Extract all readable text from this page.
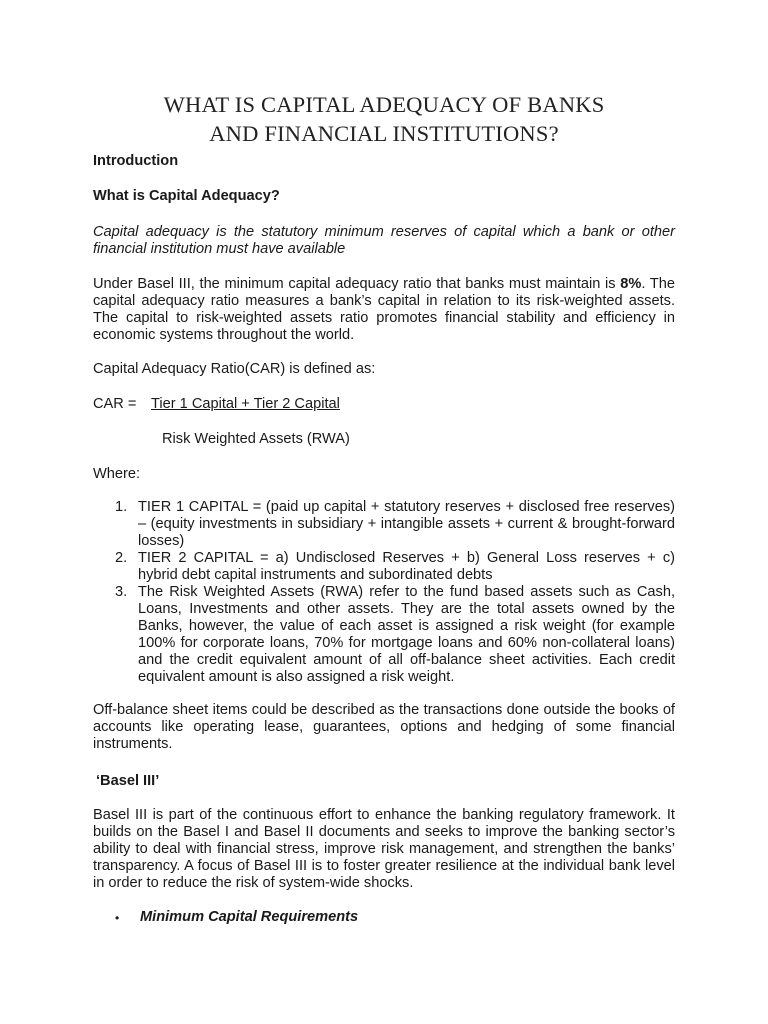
WHAT IS CAPITAL ADEQUACY OF BANKS
AND FINANCIAL INSTITUTIONS?

Introduction

What is Capital Adequacy?

Capital adequacy is the statutory minimum reserves of capital which a bank or other financial institution must have available

Under Basel III, the minimum capital adequacy ratio that banks must maintain is 8%. The capital adequacy ratio measures a bank’s capital in relation to its risk-weighted assets. The capital to risk-weighted assets ratio promotes financial stability and efficiency in economic systems throughout the world.

Capital Adequacy Ratio(CAR) is defined as:

CAR = Tier 1 Capital + Tier 2 Capital

Risk Weighted Assets (RWA)

Where:

1. TIER 1 CAPITAL = (paid up capital + statutory reserves + disclosed free reserves) – (equity investments in subsidiary + intangible assets + current & brought-forward losses)
2. TIER 2 CAPITAL = a) Undisclosed Reserves + b) General Loss reserves + c) hybrid debt capital instruments and subordinated debts
3. The Risk Weighted Assets (RWA) refer to the fund based assets such as Cash, Loans, Investments and other assets. They are the total assets owned by the Banks, however, the value of each asset is assigned a risk weight (for example 100% for corporate loans, 70% for mortgage loans and 60% non-collateral loans) and the credit equivalent amount of all off-balance sheet activities. Each credit equivalent amount is also assigned a risk weight.

Off-balance sheet items could be described as the transactions done outside the books of accounts like operating lease, guarantees, options and hedging of some financial instruments.

‘Basel III’

Basel III is part of the continuous effort to enhance the banking regulatory framework. It builds on the Basel I and Basel II documents and seeks to improve the banking sector’s ability to deal with financial stress, improve risk management, and strengthen the banks’ transparency. A focus of Basel III is to foster greater resilience at the individual bank level in order to reduce the risk of system-wide shocks.

• Minimum Capital Requirements
